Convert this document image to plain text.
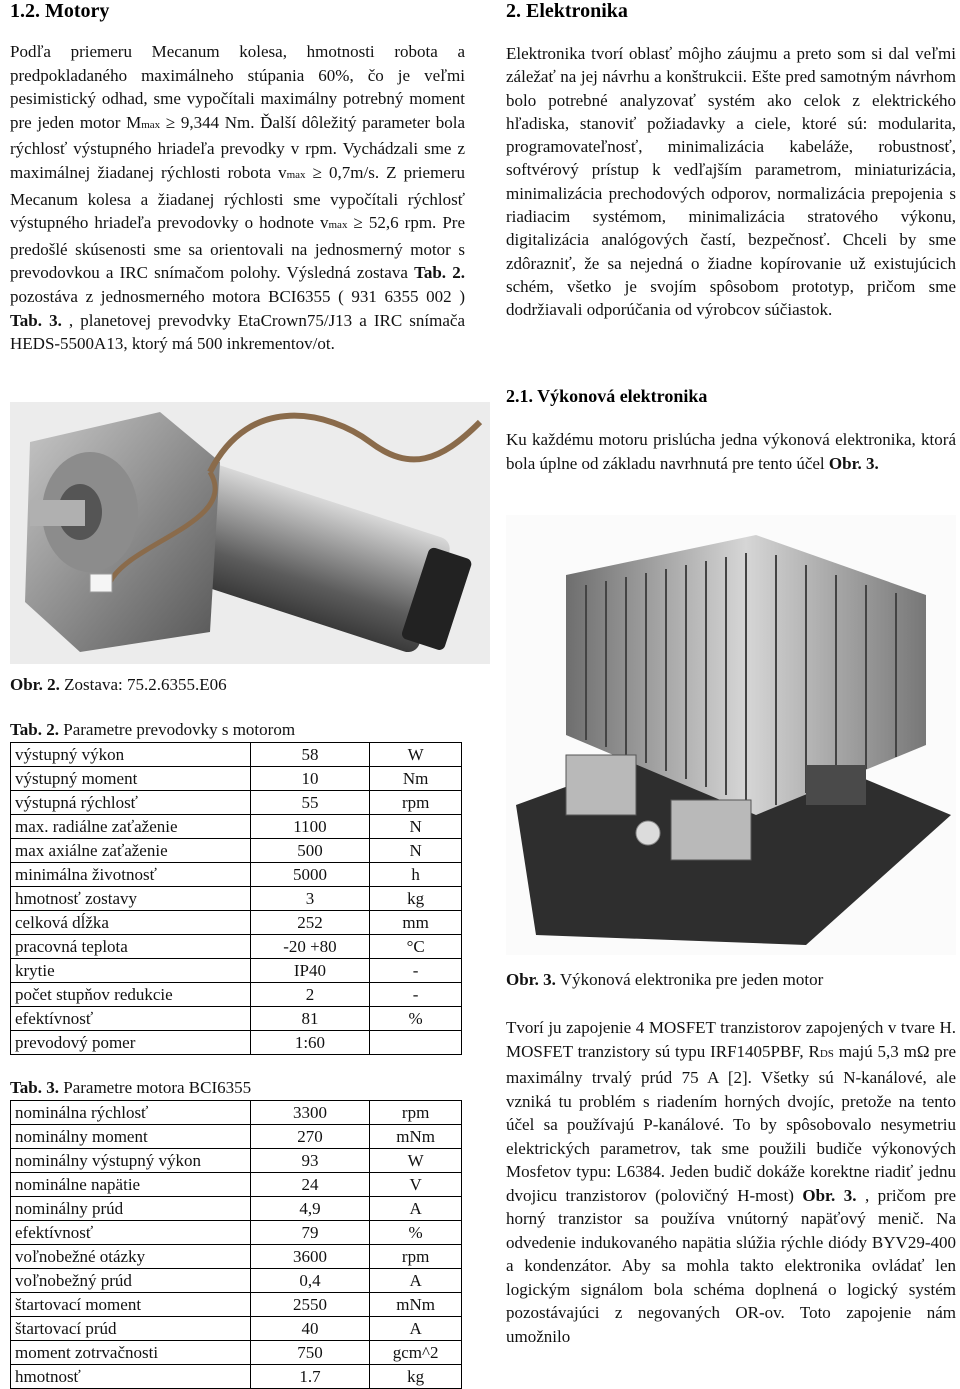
1.2. Motory

Podľa priemeru Mecanum kolesa, hmotnosti robota a predpokladaného maximálneho stúpania 60%, čo je veľmi pesimistický odhad, sme vypočítali maximálny potrebný moment pre jeden motor Mmax ≥ 9,344 Nm. Ďalší dôležitý parameter bola rýchlosť výstupného hriadeľa prevodky v rpm. Vychádzali sme z maximálnej žiadanej rýchlosti robota vmax ≥ 0,7m/s. Z priemeru Mecanum kolesa a žiadanej rýchlosti sme vypočítali rýchlosť výstupného hriadeľa prevodovky o hodnote vmax ≥ 52,6 rpm. Pre predošlé skúsenosti sme sa orientovali na jednosmerný motor s prevodovkou a IRC snímačom polohy. Výsledná zostava Tab. 2. pozostáva z jednosmerného motora BCI6355 ( 931 6355 002 ) Tab. 3. , planetovej prevodvky EtaCrown75/J13 a IRC snímača HEDS-5500A13, ktorý má 500 inkrementov/ot.

Obr. 2. Zostava: 75.2.6355.E06
Tab. 2. Parametre prevodovky s motorom
výstupný výkon	58	W
výstupný moment	10	Nm
výstupná rýchlosť	55	rpm
max. radiálne zaťaženie	1100	N
max axiálne zaťaženie	500	N
minimálna životnosť	5000	h
hmotnosť zostavy	3	kg
celková dĺžka	252	mm
pracovná teplota	-20 +80	°C
krytie	IP40	-
počet stupňov redukcie	2	-
efektívnosť	81	%
prevodový pomer	1:60	
Tab. 3. Parametre motora BCI6355
nominálna rýchlosť	3300	rpm
nominálny moment	270	mNm
nominálny výstupný výkon	93	W
nominálne napätie	24	V
nominálny prúd	4,9	A
efektívnosť	79	%
voľnobežné otázky	3600	rpm
voľnobežný prúd	0,4	A
štartovací moment	2550	mNm
štartovací prúd	40	A
moment zotrvačnosti	750	gcm^2
hmotnosť	1.7	kg
2. Elektronika

Elektronika tvorí oblasť môjho záujmu a preto som si dal veľmi záležať na jej návrhu a konštrukcii. Ešte pred samotným návrhom bolo potrebné analyzovať systém ako celok z elektrického hľadiska, stanoviť požiadavky a ciele, ktoré sú: modularita, programovateľnosť, minimalizácia kabeláže, robustnosť, softvérový prístup k vedľajším parametrom, miniaturizácia, minimalizácia prechodových odporov, normalizácia prepojenia s riadiacim systémom, minimalizácia stratového výkonu, digitalizácia analógových častí, bezpečnosť. Chceli by sme zdôrazniť, že sa nejedná o žiadne kopírovanie už existujúcich schém, všetko je svojím spôsobom prototyp, pričom sme dodržiavali odporúčania od výrobcov súčiastok.

2.1. Výkonová elektronika

Ku každému motoru prislúcha jedna výkonová elektronika, ktorá bola úplne od základu navrhnutá pre tento účel Obr. 3.

Obr. 3. Výkonová elektronika pre jeden motor

Tvorí ju zapojenie 4 MOSFET tranzistorov zapojených v tvare H. MOSFET tranzistory sú typu IRF1405PBF, RDS majú 5,3 mΩ pre maximálny trvalý prúd 75 A [2]. Všetky sú N-kanálové, ale vzniká tu problém s riadením horných dvojíc, pretože na tento účel sa používajú P-kanálové. To by spôsobovalo nesymetriu elektrických parametrov, tak sme použili budiče výkonových Mosfetov typu: L6384. Jeden budič dokáže korektne riadiť jednu dvojicu tranzistorov (polovičný H-most) Obr. 3. , pričom pre horný tranzistor sa používa vnútorný napäťový menič. Na odvedenie indukovaného napätia slúžia rýchle diódy BYV29-400 a kondenzátor. Aby sa mohla takto elektronika ovládať len logickým signálom bola schéma doplnená o logický systém pozostávajúci z negovaných OR-ov. Toto zapojenie nám umožnilo
